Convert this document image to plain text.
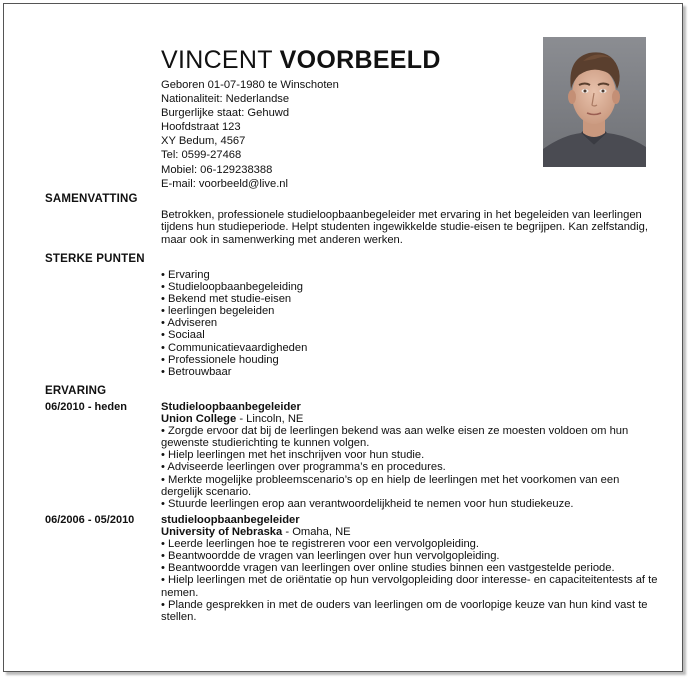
VINCENT VOORBEELD
Geboren 01-07-1980 te Winschoten
Nationaliteit: Nederlandse
Burgerlijke staat: Gehuwd
Hoofdstraat 123
XY Bedum, 4567
Tel: 0599-27468
Mobiel: 06-129238388
E-mail: voorbeeld@live.nl
SAMENVATTING
Betrokken, professionele studieloopbaanbegeleider met ervaring in het begeleiden van leerlingen tijdens hun studieperiode. Helpt studenten ingewikkelde studie-eisen te begrijpen. Kan zelfstandig, maar ook in samenwerking met anderen werken.
STERKE PUNTEN
• Ervaring
• Studieloopbaanbegeleiding
• Bekend met studie-eisen
• leerlingen begeleiden
• Adviseren
• Sociaal
• Communicatievaardigheden
• Professionele houding
• Betrouwbaar
ERVARING
06/2010 - heden	Studieloopbaanbegeleider
Union College - Lincoln, NE
• Zorgde ervoor dat bij de leerlingen bekend was aan welke eisen ze moesten voldoen om hun gewenste studierichting te kunnen volgen.
• Hielp leerlingen met het inschrijven voor hun studie.
• Adviseerde leerlingen over programma’s en procedures.
• Merkte mogelijke probleemscenario’s op en hielp de leerlingen met het voorkomen van een dergelijk scenario.
• Stuurde leerlingen erop aan verantwoordelijkheid te nemen voor hun studiekeuze.
06/2006 - 05/2010 studieloopbaanbegeleider
University of Nebraska - Omaha, NE
• Leerde leerlingen hoe te registreren voor een vervolgopleiding.
• Beantwoordde de vragen van leerlingen over hun vervolgopleiding.
• Beantwoordde vragen van leerlingen over online studies binnen een vastgestelde periode.
• Hielp leerlingen met de oriëntatie op hun vervolgopleiding door interesse- en capaciteitentests af te nemen.
• Plande gesprekken in met de ouders van leerlingen om de voorlopige keuze van hun kind vast te stellen.
